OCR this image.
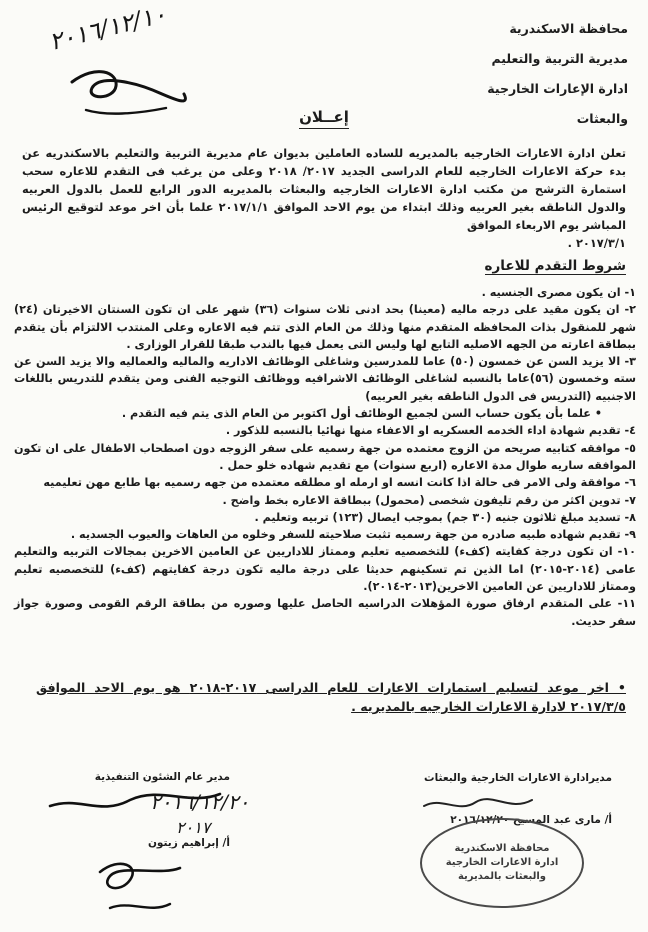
٢٠١٦/١٢/١٠	محافظة الاسكندرية
مديرية التربية والتعليم
ادارة الإعارات الخارجية والبعثات
إعــلان

تعلن ادارة الاعارات الخارجيه بالمديريه للساده العاملين بديوان عام مديرية التربية والتعليم بالاسكندريه عن بدء حركة الاعارات الخارجيه للعام الدراسى الجديد ٢٠١٧/ ٢٠١٨ وعلى من يرغب فى التقدم للاعاره سحب استمارة الترشح من مكتب ادارة الاعارات الخارجيه والبعثات بالمديريه الدور الرابع للعمل بالدول العربيه والدول الناطقه بغير العربيه وذلك ابتداء من يوم الاحد الموافق ٢٠١٧/١/١ علما بأن اخر موعد لتوقيع الرئيس المباشر يوم الاربعاء الموافق

٢٠١٧/٣/١ .

شروط التقدم للاعاره

١- ان يكون مصرى الجنسيه .

٢- ان يكون مقيد على درجه ماليه (معينا) بحد ادنى ثلاث سنوات (٣٦) شهر على ان تكون السنتان الاخيرتان (٢٤) شهر للمنقول بذات المحافظه المتقدم منها وذلك من العام الذى تتم فيه الاعاره وعلى المنتدب الالتزام بأن يتقدم ببطاقة اعارته من الجهه الاصليه التابع لها وليس التى يعمل فيها بالندب طبقا للقرار الوزارى .

٣- الا يزيد السن عن خمسون (٥٠) عاما للمدرسين وشاغلى الوظائف الاداريه والماليه والعماليه والا يزيد السن عن سته وخمسون (٥٦)عاما بالنسبه لشاغلى الوظائف الاشرافيه ووظائف التوجيه الفنى ومن يتقدم للتدريس باللغات الاجنبيه (التدريس فى الدول الناطقه بغير العربيه)

• علما بأن يكون حساب السن لجميع الوظائف أول اكتوبر من العام الذى يتم فيه التقدم .

٤- تقديم شهادة اداء الخدمه العسكريه او الاعفاء منها نهائيا بالنسبه للذكور .

٥- موافقه كتابيه صريحه من الزوج معتمده من جهة رسميه على سفر الزوجه دون اصطحاب الاطفال على ان تكون الموافقه ساريه طوال مدة الاعاره (اربع سنوات) مع تقديم شهاده خلو حمل .

٦- موافقة ولى الامر فى حالة اذا كانت انسه او ارمله او مطلقه معتمده من جهه رسميه بها طابع مهن تعليميه

٧- تدوين اكثر من رقم تليفون شخصى (محمول) ببطاقة الاعاره بخط واضح .

٨- تسديد مبلغ ثلاثون جنيه (٣٠ جم) بموجب ايصال (١٢٣) تربيه وتعليم .

٩- تقديم شهاده طبيه صادره من جهة رسميه تثبت صلاحيته للسفر وخلوه من العاهات والعيوب الجسديه .

١٠- ان تكون درجة كفايته (كفء) للتخصصيه تعليم وممتاز للاداريين عن العامين الاخرين بمجالات التربيه والتعليم عامى (٢٠١٤-٢٠١٥) اما الذين تم تسكينهم حديثا على درجة ماليه تكون درجة كفايتهم (كفء) للتخصصيه تعليم وممتاز للاداريين عن العامين الاخرين(٢٠١٣-٢٠١٤).

١١- على المتقدم ارفاق صورة المؤهلات الدراسيه الحاصل عليها وصوره من بطاقة الرقم القومى وصورة جواز سفر حديث.

• اخر موعد لتسليم استمارات الاعارات للعام الدراسى ٢٠١٧-٢٠١٨ هو يوم الاحد الموافق ٢٠١٧/٣/٥ لادارة الاعارات الخارجيه بالمديريه .
مدير عام الشئون التنفيذية
أ/ إبراهيم زيتون
٢٠١٦/١٢/٢٠
٢٠١٧
مديرادارة الاعارات الخارجية والبعثات
أ/ مارى عبد المسيح ٢٠١٦/١٢/٢٠
محافظة الاسكندرية
ادارة الاعارات الخارجية
والبعثات بالمديرية
